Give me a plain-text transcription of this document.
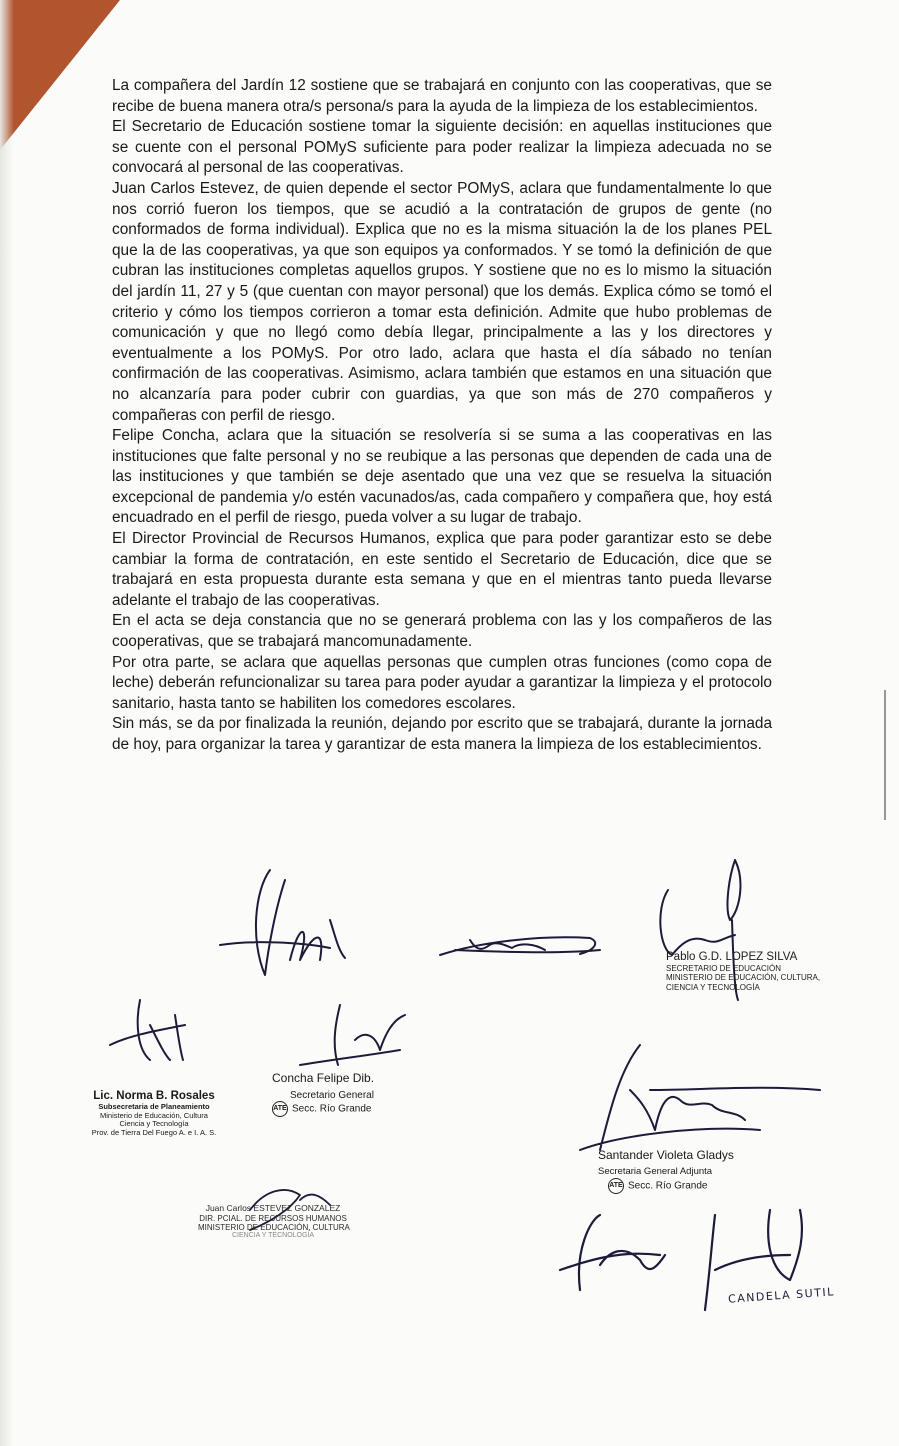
La compañera del Jardín 12 sostiene que se trabajará en conjunto con las cooperativas, que se recibe de buena manera otra/s persona/s para la ayuda de la limpieza de los establecimientos.

El Secretario de Educación sostiene tomar la siguiente decisión: en aquellas instituciones que se cuente con el personal POMyS suficiente para poder realizar la limpieza adecuada no se convocará al personal de las cooperativas.

Juan Carlos Estevez, de quien depende el sector POMyS, aclara que fundamentalmente lo que nos corrió fueron los tiempos, que se acudió a la contratación de grupos de gente (no conformados de forma individual). Explica que no es la misma situación la de los planes PEL que la de las cooperativas, ya que son equipos ya conformados. Y se tomó la definición de que cubran las instituciones completas aquellos grupos. Y sostiene que no es lo mismo la situación del jardín 11, 27 y 5 (que cuentan con mayor personal) que los demás. Explica cómo se tomó el criterio y cómo los tiempos corrieron a tomar esta definición. Admite que hubo problemas de comunicación y que no llegó como debía llegar, principalmente a las y los directores y eventualmente a los POMyS. Por otro lado, aclara que hasta el día sábado no tenían confirmación de las cooperativas. Asimismo, aclara también que estamos en una situación que no alcanzaría para poder cubrir con guardias, ya que son más de 270 compañeros y compañeras con perfil de riesgo.

Felipe Concha, aclara que la situación se resolvería si se suma a las cooperativas en las instituciones que falte personal y no se reubique a las personas que dependen de cada una de las instituciones y que también se deje asentado que una vez que se resuelva la situación excepcional de pandemia y/o estén vacunados/as, cada compañero y compañera que, hoy está encuadrado en el perfil de riesgo, pueda volver a su lugar de trabajo.

El Director Provincial de Recursos Humanos, explica que para poder garantizar esto se debe cambiar la forma de contratación, en este sentido el Secretario de Educación, dice que se trabajará en esta propuesta durante esta semana y que en el mientras tanto pueda llevarse adelante el trabajo de las cooperativas.

En el acta se deja constancia que no se generará problema con las y los compañeros de las cooperativas, que se trabajará mancomunadamente.

Por otra parte, se aclara que aquellas personas que cumplen otras funciones (como copa de leche) deberán refuncionalizar su tarea para poder ayudar a garantizar la limpieza y el protocolo sanitario, hasta tanto se habiliten los comedores escolares.

Sin más, se da por finalizada la reunión, dejando por escrito que se trabajará, durante la jornada de hoy, para organizar la tarea y garantizar de esta manera la limpieza de los establecimientos.

Pablo G.D. LOPEZ SILVA
SECRETARIO DE EDUCACIÓN
MINISTERIO DE EDUCACIÓN, CULTURA,
CIENCIA Y TECNOLOGÍA
Lic. Norma B. Rosales
Subsecretaria de Planeamiento
Ministerio de Educación, Cultura
Ciencia y Tecnología
Prov. de Tierra Del Fuego A. e I. A. S.
Concha Felipe Dib.
Secretario General
ATE Secc. Río Grande
Santander Violeta Gladys
Secretaria General Adjunta
ATE Secc. Río Grande
Juan Carlos ESTEVEZ GONZALEZ
DIR. PCIAL. DE RECURSOS HUMANOS
MINISTERIO DE EDUCACIÓN, CULTURA
CIENCIA Y TECNOLOGÍA
CANDELA SUTIL
